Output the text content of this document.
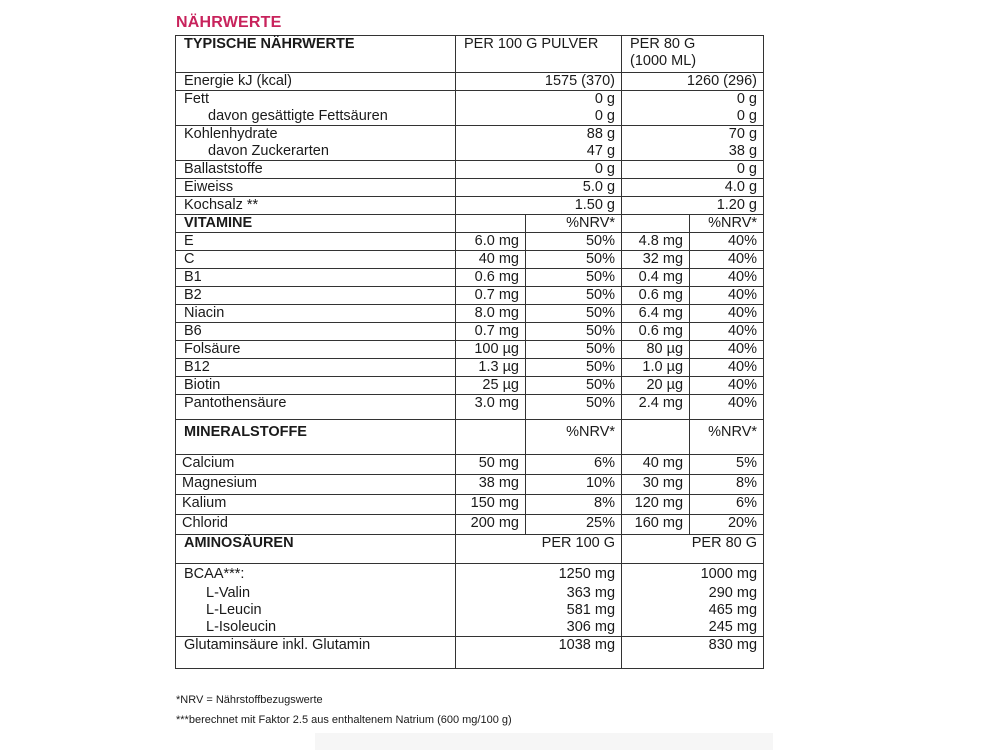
NÄHRWERTE
TYPISCHE NÄHRWERTE	PER 100 G PULVER		PER 80 G
(1000 ML)	

Energie kJ (kcal)	1575 (370)		1260 (296)	
Fett	0 g		0 g	
davon gesättigte Fettsäuren	0 g		0 g	
Kohlenhydrate	88 g		70 g	
davon Zuckerarten	47 g		38 g	
Ballaststoffe	0 g		0 g	
Eiweiss	5.0 g		4.0 g	
Kochsalz **	1.50 g		1.20 g	
VITAMINE		%NRV*		%NRV*
E	6.0 mg	50%	4.8 mg	40%
C	40 mg	50%	32 mg	40%
B1	0.6 mg	50%	0.4 mg	40%
B2	0.7 mg	50%	0.6 mg	40%
Niacin	8.0 mg	50%	6.4 mg	40%
B6	0.7 mg	50%	0.6 mg	40%
Folsäure	100 µg	50%	80 µg	40%
B12	1.3 µg	50%	1.0 µg	40%
Biotin	25 µg	50%	20 µg	40%
Pantothensäure	3.0 mg	50%	2.4 mg	40%
MINERALSTOFFE		%NRV*		%NRV*
Calcium	50 mg	6%	40 mg	5%
Magnesium	38 mg	10%	30 mg	8%
Kalium	150 mg	8%	120 mg	6%
Chlorid	200 mg	25%	160 mg	20%
AMINOSÄUREN	PER 100 G		PER 80 G	
BCAA***:	1250 mg		1000 mg	
L-Valin	363 mg		290 mg	
L-Leucin	581 mg		465 mg	
L-Isoleucin	306 mg		245 mg	
Glutaminsäure inkl. Glutamin	1038 mg		830 mg	
*NRV = Nährstoffbezugswerte
***berechnet mit Faktor 2.5 aus enthaltenem Natrium (600 mg/100 g)
